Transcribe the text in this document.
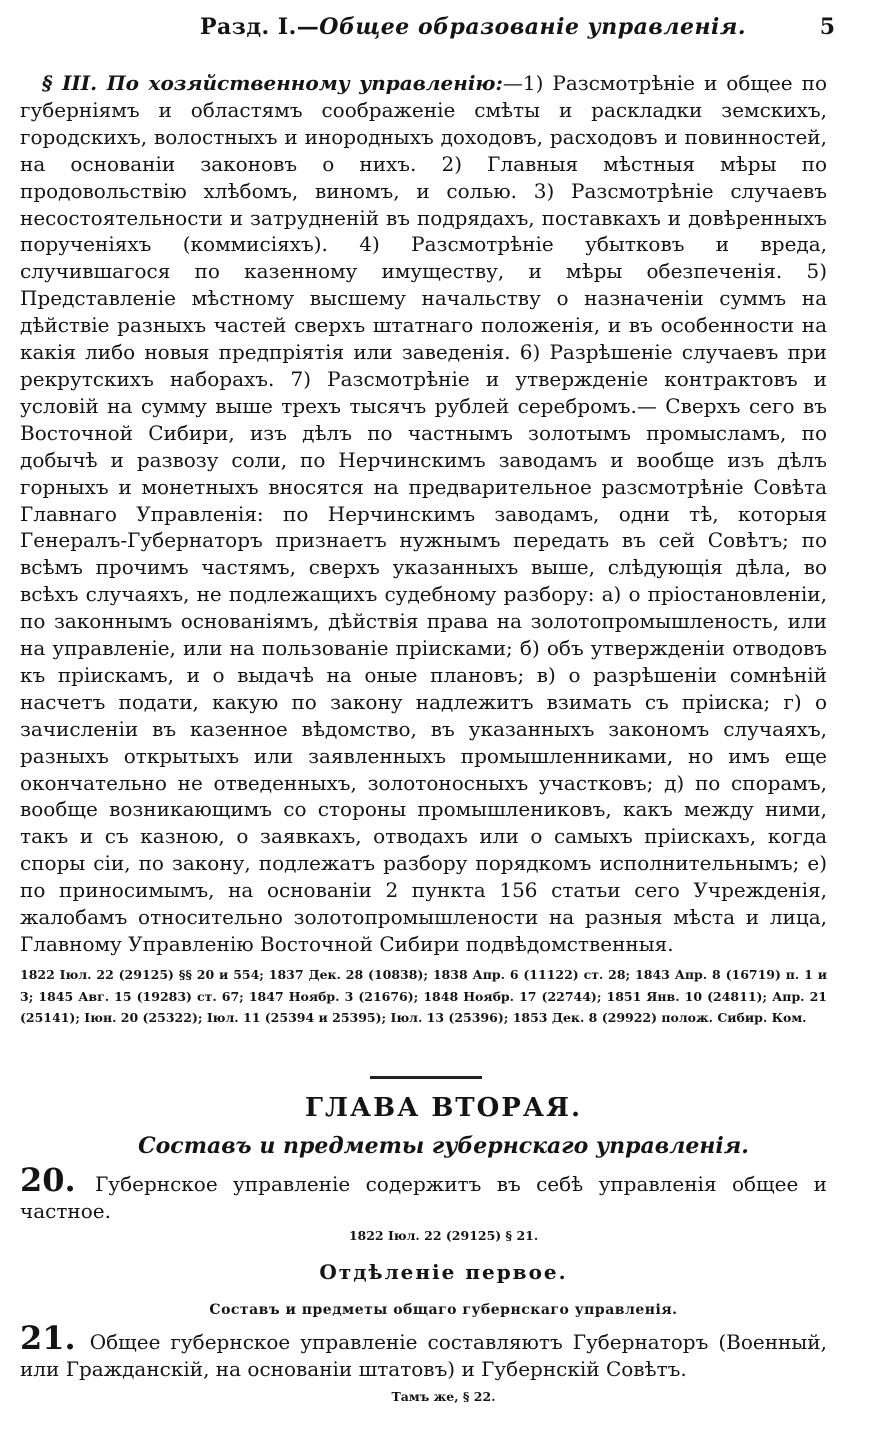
Разд. I.—Общее образованіе управленія.	5
§ III. По хозяйственному управленію:—1) Разсмотрѣніе и общее по губерніямъ и областямъ соображеніе смѣты и раскладки земскихъ, городскихъ, волостныхъ и инородныхъ доходовъ, расходовъ и повинностей, на основаніи законовъ о нихъ. 2) Главныя мѣстныя мѣры по продовольствію хлѣбомъ, виномъ, и солью. 3) Разсмотрѣніе случаевъ несостоятельности и затрудненій въ подрядахъ, поставкахъ и довѣренныхъ порученіяхъ (коммисіяхъ). 4) Разсмотрѣніе убытковъ и вреда, случившагося по казенному имуществу, и мѣры обезпеченія. 5) Представленіе мѣстному высшему начальству о назначеніи суммъ на дѣйствіе разныхъ частей сверхъ штатнаго положенія, и въ особенности на какія либо новыя предпріятія или заведенія. 6) Разрѣшеніе случаевъ при рекрутскихъ наборахъ. 7) Разсмотрѣніе и утвержденіе контрактовъ и условій на сумму выше трехъ тысячъ рублей серебромъ.— Сверхъ сего въ Восточной Сибири, изъ дѣлъ по частнымъ золотымъ промысламъ, по добычѣ и развозу соли, по Нерчинскимъ заводамъ и вообще изъ дѣлъ горныхъ и монетныхъ вносятся на предварительное разсмотрѣніе Совѣта Главнаго Управленія: по Нерчинскимъ заводамъ, одни тѣ, которыя Генералъ-Губернаторъ признаетъ нужнымъ передать въ сей Совѣтъ; по всѣмъ прочимъ частямъ, сверхъ указанныхъ выше, слѣдующія дѣла, во всѣхъ случаяхъ, не подлежащихъ судебному разбору: а) о пріостановленіи, по законнымъ основаніямъ, дѣйствія права на золотопромышленость, или на управленіе, или на пользованіе пріисками; б) объ утвержденіи отводовъ къ пріискамъ, и о выдачѣ на оные плановъ; в) о разрѣшеніи сомнѣній насчетъ подати, какую по закону надлежитъ взимать съ пріиска; г) о зачисленіи въ казенное вѣдомство, въ указанныхъ закономъ случаяхъ, разныхъ открытыхъ или заявленныхъ промышленниками, но имъ еще окончательно не отведенныхъ, золотоносныхъ участковъ; д) по спорамъ, вообще возникающимъ со стороны промышлениковъ, какъ между ними, такъ и съ казною, о заявкахъ, отводахъ или о самыхъ пріискахъ, когда споры сіи, по закону, подлежатъ разбору порядкомъ исполнительнымъ; е) по приносимымъ, на основаніи 2 пункта 156 статьи сего Учрежденія, жалобамъ относительно золотопромышлености на разныя мѣста и лица, Главному Управленію Восточной Сибири подвѣдомственныя.
1822 Іюл. 22 (29125) §§ 20 и 554; 1837 Дек. 28 (10838); 1838 Апр. 6 (11122) ст. 28; 1843 Апр. 8 (16719) п. 1 и 3; 1845 Авг. 15 (19283) ст. 67; 1847 Ноябр. 3 (21676); 1848 Ноябр. 17 (22744); 1851 Янв. 10 (24811); Апр. 21 (25141); Іюн. 20 (25322); Іюл. 11 (25394 и 25395); Іюл. 13 (25396); 1853 Дек. 8 (29922) полож. Сибир. Ком.
ГЛАВА ВТОРАЯ.
Составъ и предметы губернскаго управленія.
20. Губернское управленіе содержитъ въ себѣ управленія общее и частное.
1822 Іюл. 22 (29125) § 21.
Отдѣленіе первое.
Составъ и предметы общаго губернскаго управленія.
21. Общее губернское управленіе составляютъ Губернаторъ (Военный, или Гражданскій, на основаніи штатовъ) и Губернскій Совѣтъ.
Тамъ же, § 22.
